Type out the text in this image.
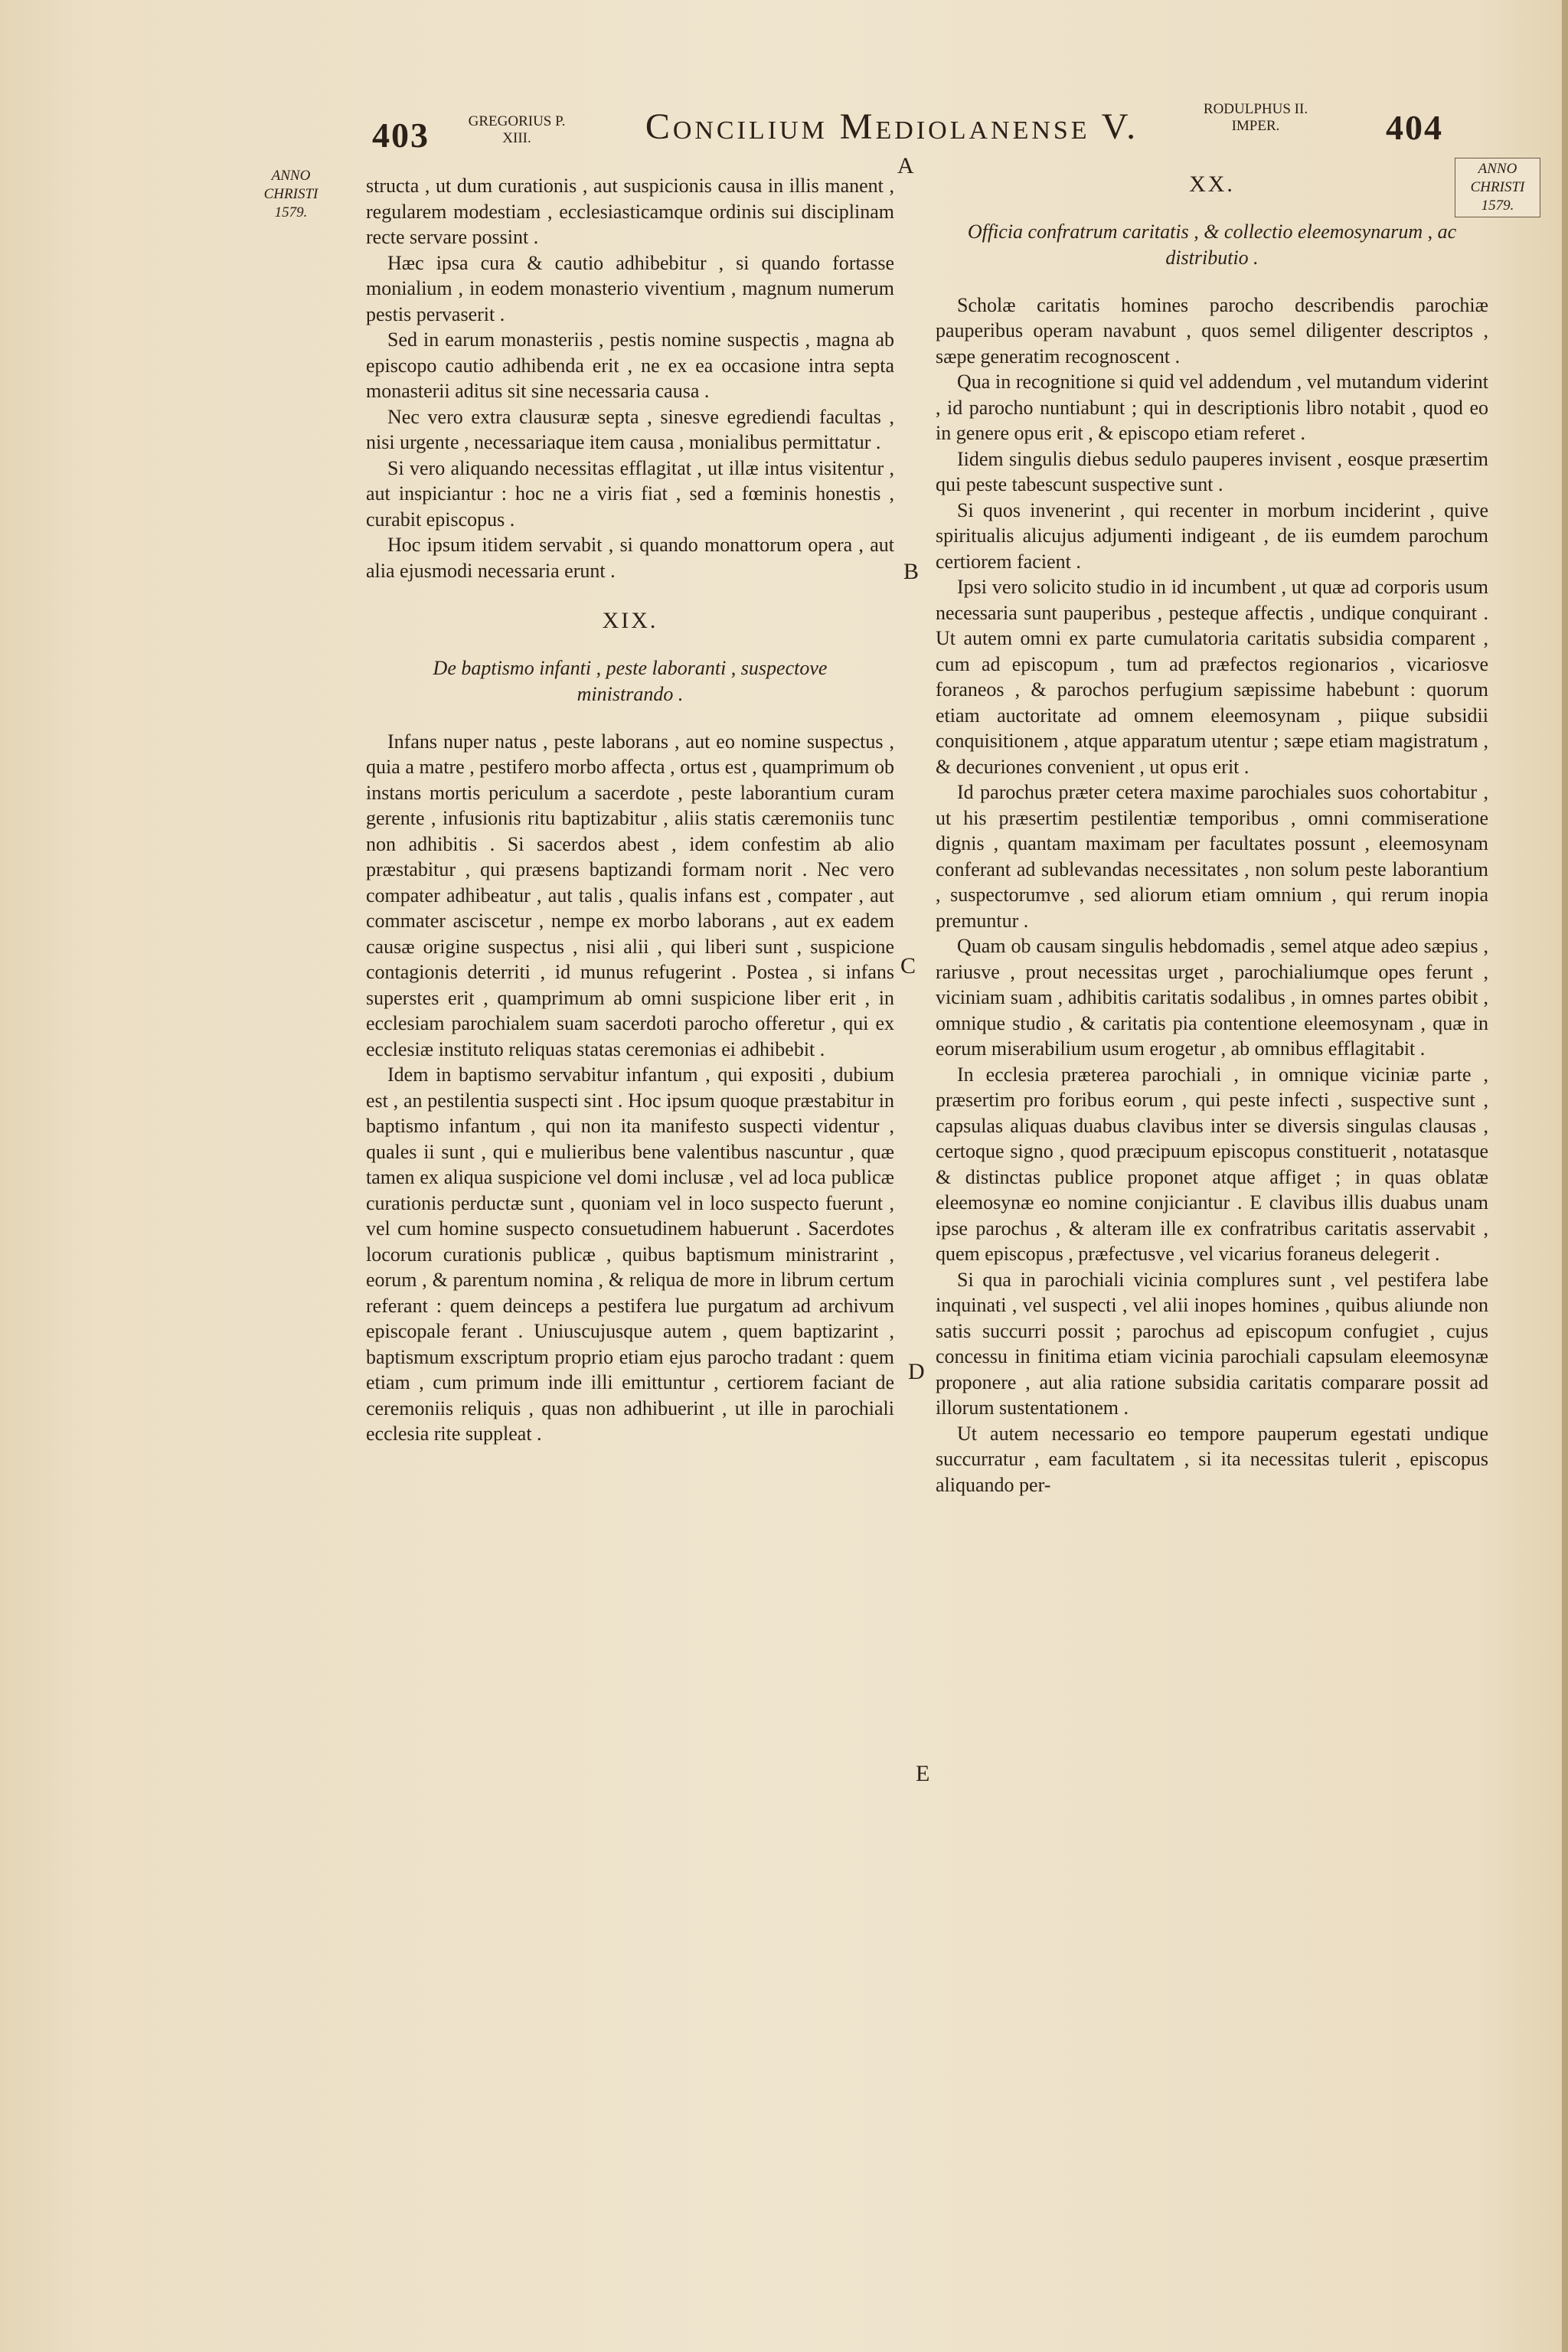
403	GREGORIUS P. XIII.	Concilium Mediolanense V.	RODULPHUS II. IMPER.	404
ANNO CHRISTI 1579.
ANNO CHRISTI 1579.

structa , ut dum curationis , aut suspicionis causa in illis manent , regularem modestiam , ecclesiasticamque ordinis sui disciplinam recte servare possint .

Hæc ipsa cura & cautio adhibebitur , si quando fortasse monialium , in eodem monasterio viventium , magnum numerum pestis pervaserit .

Sed in earum monasteriis , pestis nomine suspectis , magna ab episcopo cautio adhibenda erit , ne ex ea occasione intra septa monasterii aditus sit sine necessaria causa .

Nec vero extra clausuræ septa , sinesve egrediendi facultas , nisi urgente , necessariaque item causa , monialibus permittatur .

Si vero aliquando necessitas efflagitat , ut illæ intus visitentur , aut inspiciantur : hoc ne a viris fiat , sed a fœminis honestis , curabit episcopus .

Hoc ipsum itidem servabit , si quando monattorum opera , aut alia ejusmodi necessaria erunt .

XIX.
De baptismo infanti , peste laboranti , suspectove ministrando .

Infans nuper natus , peste laborans , aut eo nomine suspectus , quia a matre , pestifero morbo affecta , ortus est , quamprimum ob instans mortis periculum a sacerdote , peste laborantium curam gerente , infusionis ritu baptizabitur , aliis statis cæremoniis tunc non adhibitis . Si sacerdos abest , idem confestim ab alio præstabitur , qui præsens baptizandi formam norit . Nec vero compater adhibeatur , aut talis , qualis infans est , compater , aut commater asciscetur , nempe ex morbo laborans , aut ex eadem causæ origine suspectus , nisi alii , qui liberi sunt , suspicione contagionis deterriti , id munus refugerint . Postea , si infans superstes erit , quamprimum ab omni suspicione liber erit , in ecclesiam parochialem suam sacerdoti parocho offeretur , qui ex ecclesiæ instituto reliquas statas ceremonias ei adhibebit .

Idem in baptismo servabitur infantum , qui expositi , dubium est , an pestilentia suspecti sint . Hoc ipsum quoque præstabitur in baptismo infantum , qui non ita manifesto suspecti videntur , quales ii sunt , qui e mulieribus bene valentibus nascuntur , quæ tamen ex aliqua suspicione vel domi inclusæ , vel ad loca publicæ curationis perductæ sunt , quoniam vel in loco suspecto fuerunt , vel cum homine suspecto consuetudinem habuerunt . Sacerdotes locorum curationis publicæ , quibus baptismum ministrarint , eorum , & parentum nomina , & reliqua de more in librum certum referant : quem deinceps a pestifera lue purgatum ad archivum episcopale ferant . Uniuscujusque autem , quem baptizarint , baptismum exscriptum proprio etiam ejus parocho tradant : quem etiam , cum primum inde illi emittuntur , certiorem faciant de ceremoniis reliquis , quas non adhibuerint , ut ille in parochiali ecclesia rite suppleat .

XX.
Officia confratrum caritatis , & collectio eleemosynarum , ac distributio .

Scholæ caritatis homines parocho describendis parochiæ pauperibus operam navabunt , quos semel diligenter descriptos , sæpe generatim recognoscent .

Qua in recognitione si quid vel addendum , vel mutandum viderint , id parocho nuntiabunt ; qui in descriptionis libro notabit , quod eo in genere opus erit , & episcopo etiam referet .

Iidem singulis diebus sedulo pauperes invisent , eosque præsertim qui peste tabescunt suspective sunt .

Si quos invenerint , qui recenter in morbum inciderint , quive spiritualis alicujus adjumenti indigeant , de iis eumdem parochum certiorem facient .

Ipsi vero solicito studio in id incumbent , ut quæ ad corporis usum necessaria sunt pauperibus , pesteque affectis , undique conquirant . Ut autem omni ex parte cumulatoria caritatis subsidia comparent , cum ad episcopum , tum ad præfectos regionarios , vicariosve foraneos , & parochos perfugium sæpissime habebunt : quorum etiam auctoritate ad omnem eleemosynam , piique subsidii conquisitionem , atque apparatum utentur ; sæpe etiam magistratum , & decuriones convenient , ut opus erit .

Id parochus præter cetera maxime parochiales suos cohortabitur , ut his præsertim pestilentiæ temporibus , omni commiseratione dignis , quantam maximam per facultates possunt , eleemosynam conferant ad sublevandas necessitates , non solum peste laborantium , suspectorumve , sed aliorum etiam omnium , qui rerum inopia premuntur .

Quam ob causam singulis hebdomadis , semel atque adeo sæpius , rariusve , prout necessitas urget , parochialiumque opes ferunt , viciniam suam , adhibitis caritatis sodalibus , in omnes partes obibit , omnique studio , & caritatis pia contentione eleemosynam , quæ in eorum miserabilium usum erogetur , ab omnibus efflagitabit .

In ecclesia præterea parochiali , in omnique viciniæ parte , præsertim pro foribus eorum , qui peste infecti , suspective sunt , capsulas aliquas duabus clavibus inter se diversis singulas clausas , certoque signo , quod præcipuum episcopus constituerit , notatasque & distinctas publice proponet atque affiget ; in quas oblatæ eleemosynæ eo nomine conjiciantur . E clavibus illis duabus unam ipse parochus , & alteram ille ex confratribus caritatis asservabit , quem episcopus , præfectusve , vel vicarius foraneus delegerit .

Si qua in parochiali vicinia complures sunt , vel pestifera labe inquinati , vel suspecti , vel alii inopes homines , quibus aliunde non satis succurri possit ; parochus ad episcopum confugiet , cujus concessu in finitima etiam vicinia parochiali capsulam eleemosynæ proponere , aut alia ratione subsidia caritatis comparare possit ad illorum sustentationem .

Ut autem necessario eo tempore pauperum egestati undique succurratur , eam facultatem , si ita necessitas tulerit , episcopus aliquando per-

A
B
C
D
E
